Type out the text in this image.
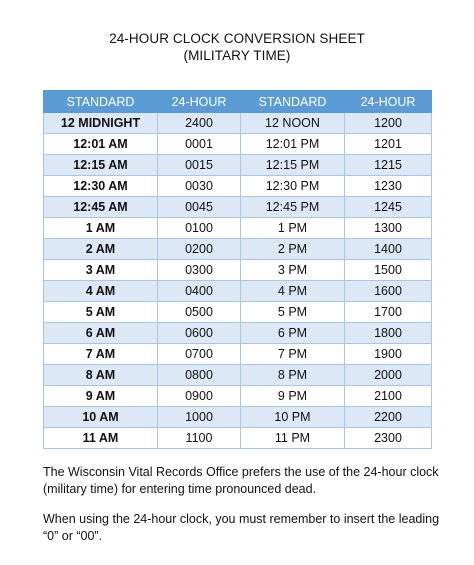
24-HOUR CLOCK CONVERSION SHEET
(MILITARY TIME)
STANDARD	24-HOUR	STANDARD	24-HOUR
12 MIDNIGHT	2400	12 NOON	1200
12:01 AM	0001	12:01 PM	1201
12:15 AM	0015	12:15 PM	1215
12:30 AM	0030	12:30 PM	1230
12:45 AM	0045	12:45 PM	1245
1 AM	0100	1 PM	1300
2 AM	0200	2 PM	1400
3 AM	0300	3 PM	1500
4 AM	0400	4 PM	1600
5 AM	0500	5 PM	1700
6 AM	0600	6 PM	1800
7 AM	0700	7 PM	1900
8 AM	0800	8 PM	2000
9 AM	0900	9 PM	2100
10 AM	1000	10 PM	2200
11 AM	1100	11 PM	2300
The Wisconsin Vital Records Office prefers the use of the 24-hour clock (military time) for entering time pronounced dead.
When using the 24-hour clock, you must remember to insert the leading “0” or “00”.
